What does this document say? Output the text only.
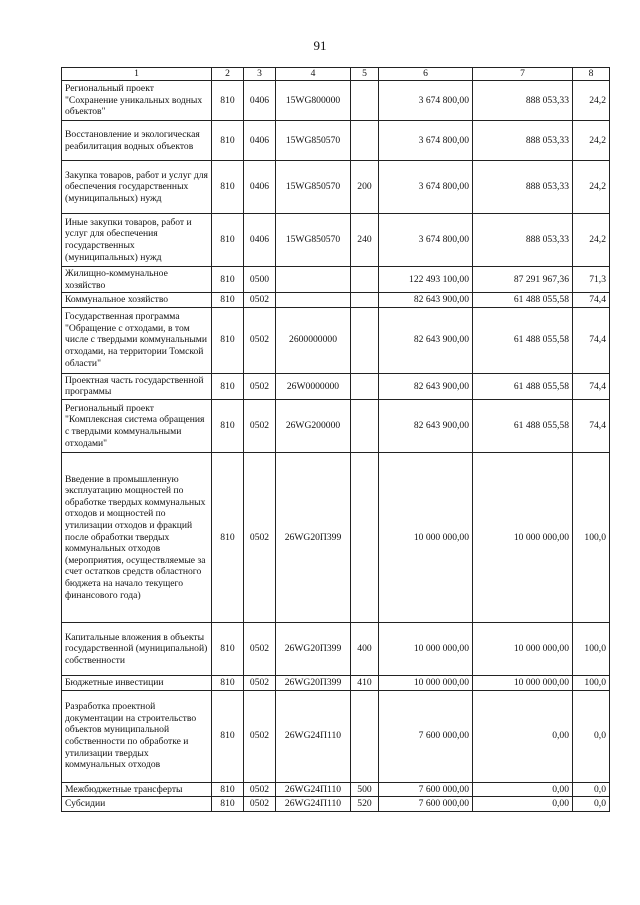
91
1	2	3	4	5	6	7	8
Региональный проект "Сохранение уникальных водных объектов"	810	0406	15WG800000		3 674 800,00	888 053,33	24,2
Восстановление и экологическая реабилитация водных объектов	810	0406	15WG850570		3 674 800,00	888 053,33	24,2
Закупка товаров, работ и услуг для обеспечения государственных (муниципальных) нужд	810	0406	15WG850570	200	3 674 800,00	888 053,33	24,2
Иные закупки товаров, работ и услуг для обеспечения государственных (муниципальных) нужд	810	0406	15WG850570	240	3 674 800,00	888 053,33	24,2
Жилищно-коммунальное хозяйство	810	0500			122 493 100,00	87 291 967,36	71,3
Коммунальное хозяйство	810	0502			82 643 900,00	61 488 055,58	74,4
Государственная программа "Обращение с отходами, в том числе с твердыми коммунальными отходами, на территории Томской области"	810	0502	2600000000		82 643 900,00	61 488 055,58	74,4
Проектная часть государственной программы	810	0502	26W0000000		82 643 900,00	61 488 055,58	74,4
Региональный проект "Комплексная система обращения с твердыми коммунальными отходами"	810	0502	26WG200000		82 643 900,00	61 488 055,58	74,4
Введение в промышленную эксплуатацию мощностей по обработке твердых коммунальных отходов и мощностей по утилизации отходов и фракций после обработки твердых коммунальных отходов (мероприятия, осуществляемые за счет остатков средств областного бюджета на начало текущего финансового года)	810	0502	26WG20П399		10 000 000,00	10 000 000,00	100,0
Капитальные вложения в объекты государственной (муниципальной) собственности	810	0502	26WG20П399	400	10 000 000,00	10 000 000,00	100,0
Бюджетные инвестиции	810	0502	26WG20П399	410	10 000 000,00	10 000 000,00	100,0
Разработка проектной документации на строительство объектов муниципальной собственности по обработке и утилизации твердых коммунальных отходов	810	0502	26WG24П110		7 600 000,00	0,00	0,0
Межбюджетные трансферты	810	0502	26WG24П110	500	7 600 000,00	0,00	0,0
Субсидии	810	0502	26WG24П110	520	7 600 000,00	0,00	0,0
